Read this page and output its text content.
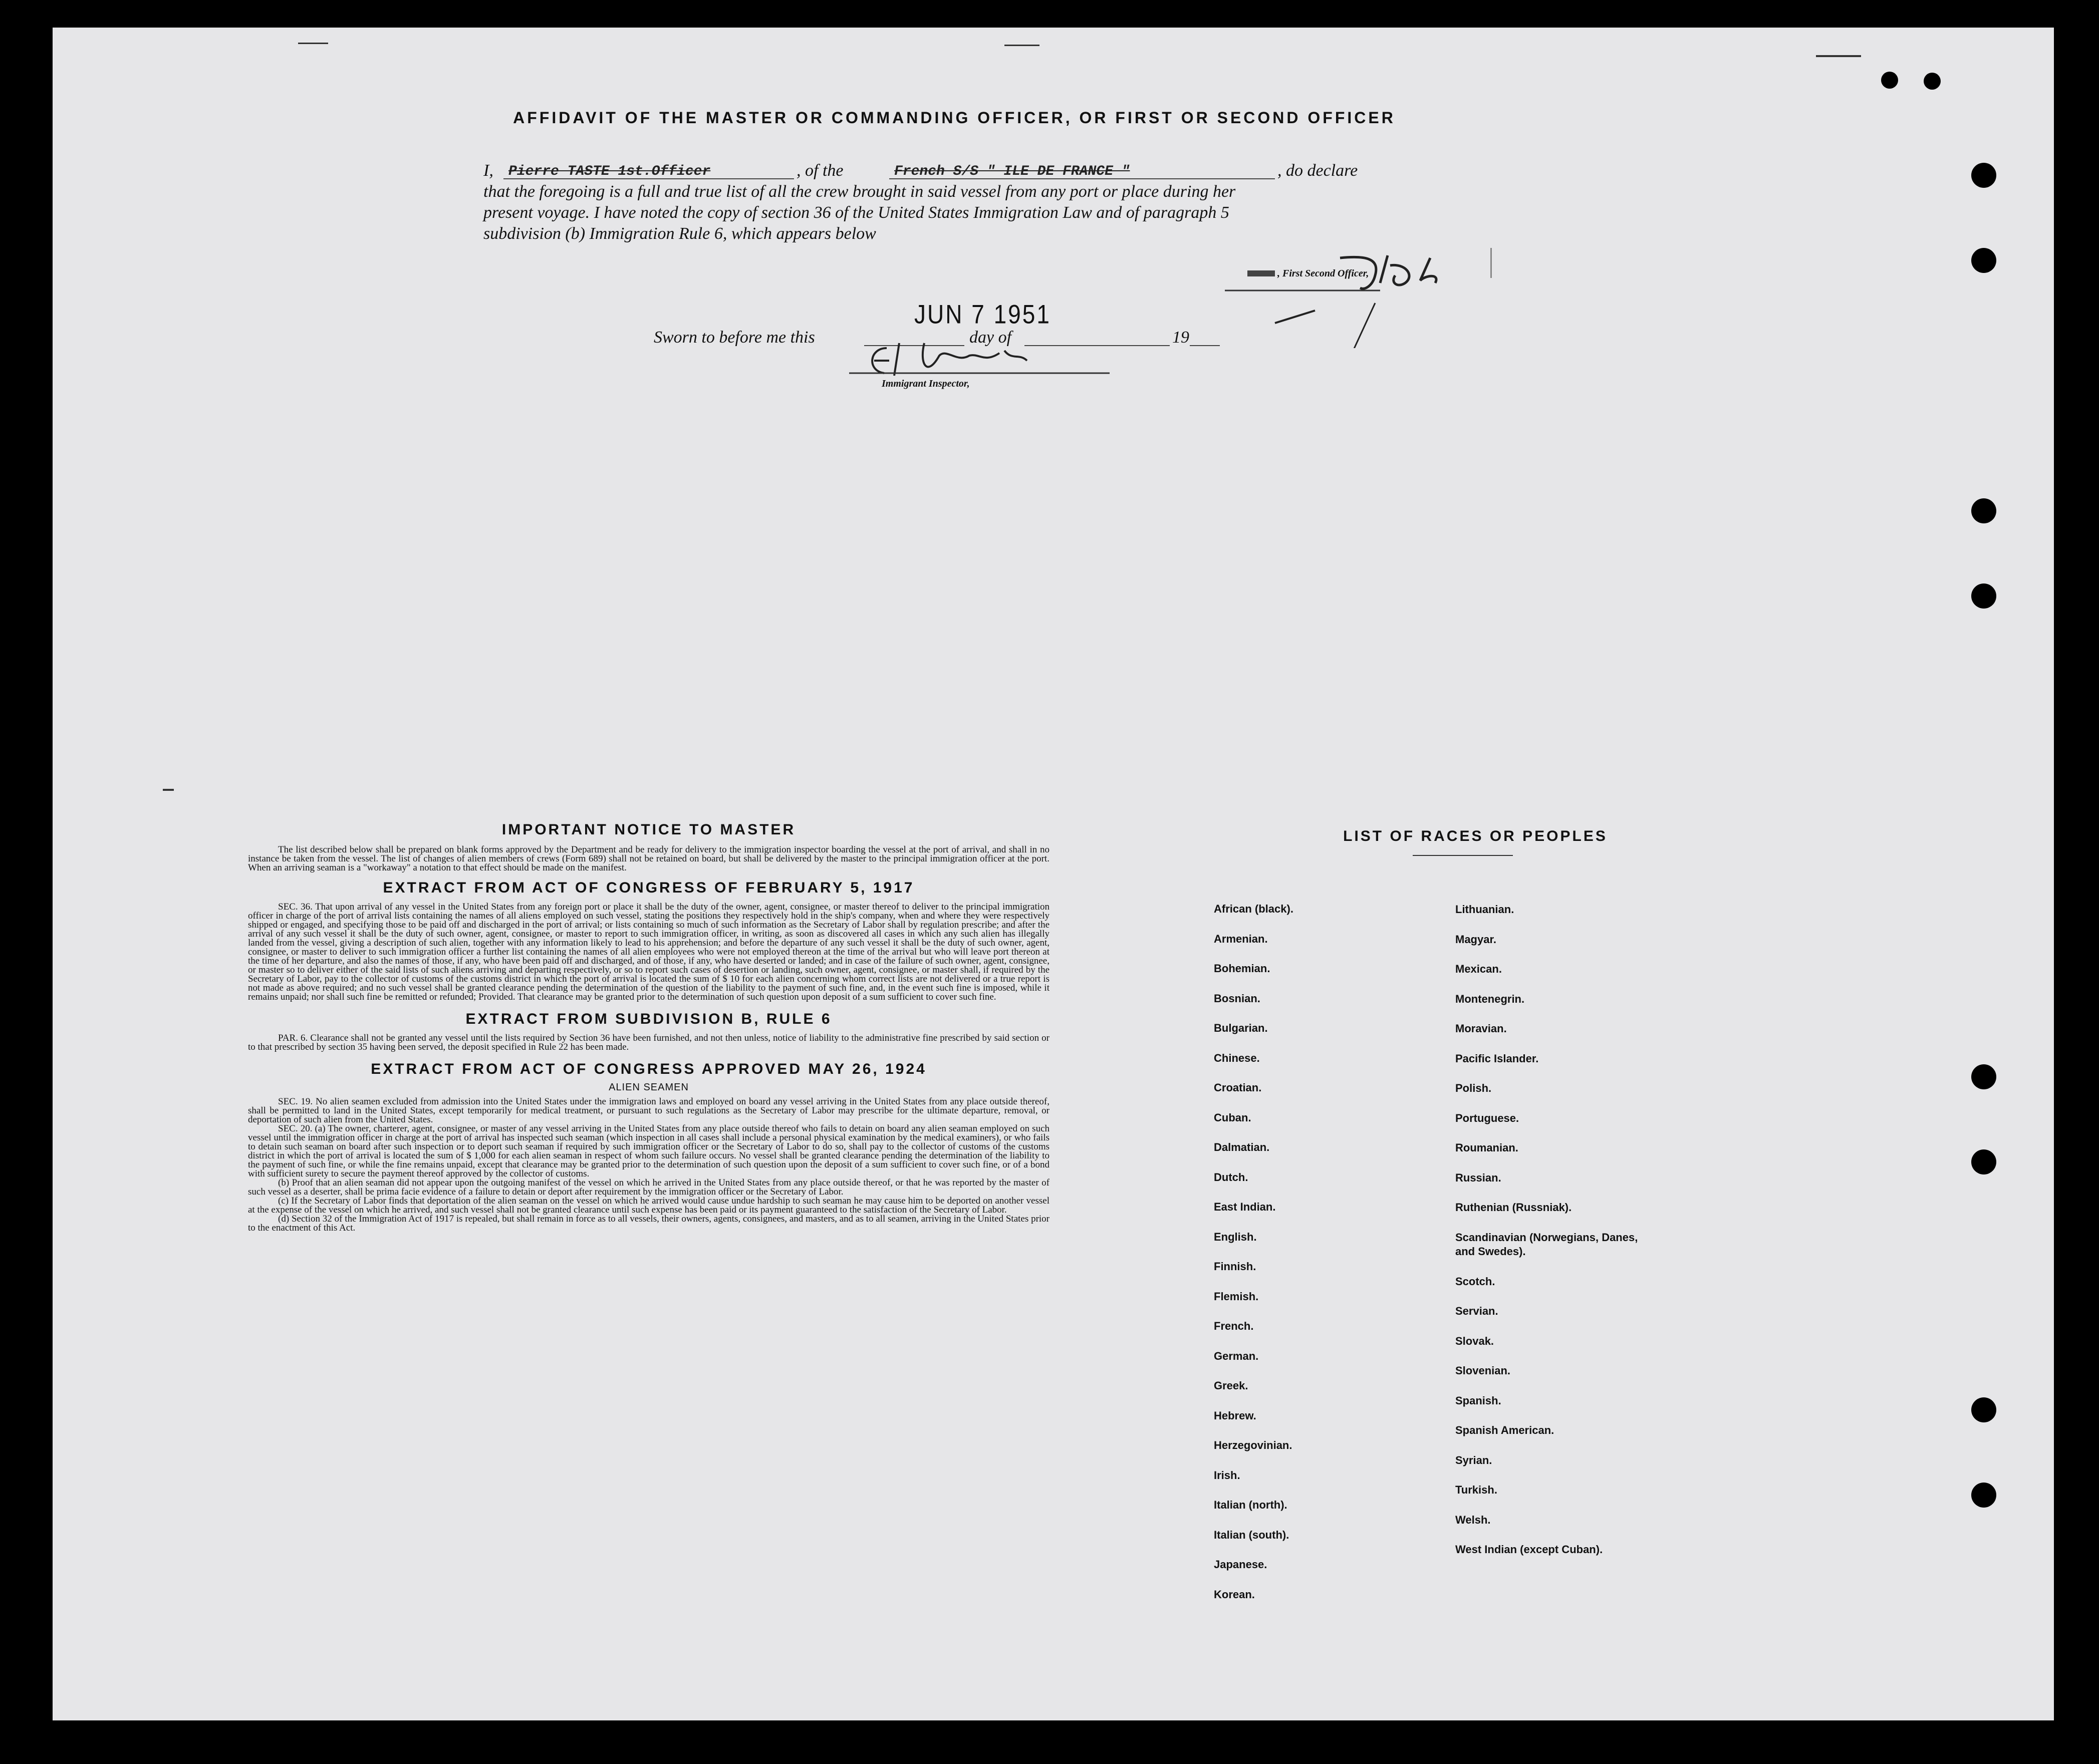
AFFIDAVIT OF THE MASTER OR COMMANDING OFFICER, OR FIRST OR SECOND OFFICER
I, Pierre TASTE 1st.Officer	, of the	French S/S " ILE DE FRANCE "	, do declare
that the foregoing is a full and true list of all the crew brought in said vessel from any port or place during her
present voyage. I have noted the copy of section 36 of the United States Immigration Law and of paragraph 5
subdivision (b) Immigration Rule 6, which appears below
, First Second Officer,
JUN 7 1951
Sworn to before me this	day of	19
Immigrant Inspector,
IMPORTANT NOTICE TO MASTER

The list described below shall be prepared on blank forms approved by the Department and be ready for delivery to the immigration inspector boarding the vessel at the port of arrival, and shall in no instance be taken from the vessel. The list of changes of alien members of crews (Form 689) shall not be retained on board, but shall be delivered by the master to the principal immigration officer at the port. When an arriving seaman is a "workaway" a notation to that effect should be made on the manifest.

EXTRACT FROM ACT OF CONGRESS OF FEBRUARY 5, 1917

SEC. 36. That upon arrival of any vessel in the United States from any foreign port or place it shall be the duty of the owner, agent, consignee, or master thereof to deliver to the principal immigration officer in charge of the port of arrival lists containing the names of all aliens employed on such vessel, stating the positions they respectively hold in the ship's company, when and where they were respectively shipped or engaged, and specifying those to be paid off and discharged in the port of arrival; or lists containing so much of such information as the Secretary of Labor shall by regulation prescribe; and after the arrival of any such vessel it shall be the duty of such owner, agent, consignee, or master to report to such immigration officer, in writing, as soon as discovered all cases in which any such alien has illegally landed from the vessel, giving a description of such alien, together with any information likely to lead to his apprehension; and before the departure of any such vessel it shall be the duty of such owner, agent, consignee, or master to deliver to such immigration officer a further list containing the names of all alien employees who were not employed thereon at the time of the arrival but who will leave port thereon at the time of her departure, and also the names of those, if any, who have been paid off and discharged, and of those, if any, who have deserted or landed; and in case of the failure of such owner, agent, consignee, or master so to deliver either of the said lists of such aliens arriving and departing respectively, or so to report such cases of desertion or landing, such owner, agent, consignee, or master shall, if required by the Secretary of Labor, pay to the collector of customs of the customs district in which the port of arrival is located the sum of $ 10 for each alien concerning whom correct lists are not delivered or a true report is not made as above required; and no such vessel shall be granted clearance pending the determination of the question of the liability to the payment of such fine, and, in the event such fine is imposed, while it remains unpaid; nor shall such fine be remitted or refunded; Provided. That clearance may be granted prior to the determination of such question upon deposit of a sum sufficient to cover such fine.

EXTRACT FROM SUBDIVISION B, RULE 6

PAR. 6. Clearance shall not be granted any vessel until the lists required by Section 36 have been furnished, and not then unless, notice of liability to the administrative fine prescribed by said section or to that prescribed by section 35 having been served, the deposit specified in Rule 22 has been made.

EXTRACT FROM ACT OF CONGRESS APPROVED MAY 26, 1924
ALIEN SEAMEN

SEC. 19. No alien seamen excluded from admission into the United States under the immigration laws and employed on board any vessel arriving in the United States from any place outside thereof, shall be permitted to land in the United States, except temporarily for medical treatment, or pursuant to such regulations as the Secretary of Labor may prescribe for the ultimate departure, removal, or deportation of such alien from the United States.

SEC. 20. (a) The owner, charterer, agent, consignee, or master of any vessel arriving in the United States from any place outside thereof who fails to detain on board any alien seaman employed on such vessel until the immigration officer in charge at the port of arrival has inspected such seaman (which inspection in all cases shall include a personal physical examination by the medical examiners), or who fails to detain such seaman on board after such inspection or to deport such seaman if required by such immigration officer or the Secretary of Labor to do so, shall pay to the collector of customs of the customs district in which the port of arrival is located the sum of $ 1,000 for each alien seaman in respect of whom such failure occurs. No vessel shall be granted clearance pending the determination of the liability to the payment of such fine, or while the fine remains unpaid, except that clearance may be granted prior to the determination of such question upon the deposit of a sum sufficient to cover such fine, or of a bond with sufficient surety to secure the payment thereof approved by the collector of customs.

(b) Proof that an alien seaman did not appear upon the outgoing manifest of the vessel on which he arrived in the United States from any place outside thereof, or that he was reported by the master of such vessel as a deserter, shall be prima facie evidence of a failure to detain or deport after requirement by the immigration officer or the Secretary of Labor.

(c) If the Secretary of Labor finds that deportation of the alien seaman on the vessel on which he arrived would cause undue hardship to such seaman he may cause him to be deported on another vessel at the expense of the vessel on which he arrived, and such vessel shall not be granted clearance until such expense has been paid or its payment guaranteed to the satisfaction of the Secretary of Labor.

(d) Section 32 of the Immigration Act of 1917 is repealed, but shall remain in force as to all vessels, their owners, agents, consignees, and masters, and as to all seamen, arriving in the United States prior to the enactment of this Act.

LIST OF RACES OR PEOPLES
African (black).
Armenian.
Bohemian.
Bosnian.
Bulgarian.
Chinese.
Croatian.
Cuban.
Dalmatian.
Dutch.
East Indian.
English.
Finnish.
Flemish.
French.
German.
Greek.
Hebrew.
Herzegovinian.
Irish.
Italian (north).
Italian (south).
Japanese.
Korean.
Lithuanian.
Magyar.
Mexican.
Montenegrin.
Moravian.
Pacific Islander.
Polish.
Portuguese.
Roumanian.
Russian.
Ruthenian (Russniak).
Scandinavian (Norwegians, Danes, and Swedes).
Scotch.
Servian.
Slovak.
Slovenian.
Spanish.
Spanish American.
Syrian.
Turkish.
Welsh.
West Indian (except Cuban).
